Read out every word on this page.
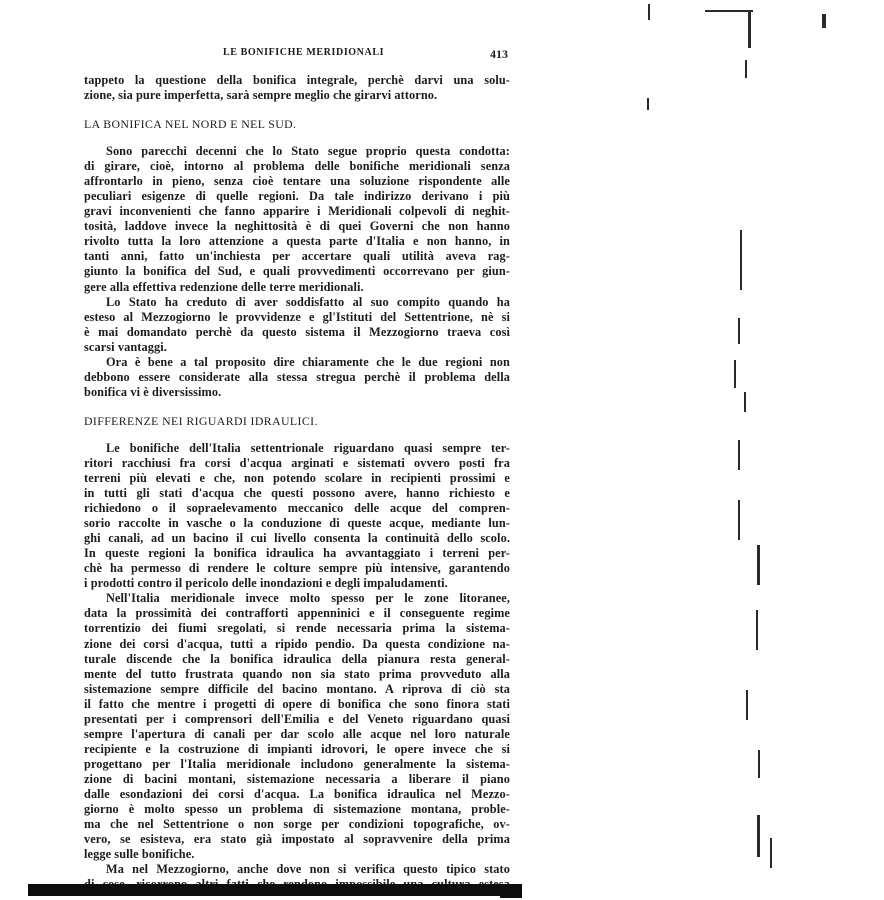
LE BONIFICHE MERIDIONALI	413
tappeto la questione della bonifica integrale, perchè darvi una solu-
zione, sia pure imperfetta, sarà sempre meglio che girarvi attorno.
LA BONIFICA NEL NORD E NEL SUD.
Sono parecchi decenni che lo Stato segue proprio questa condotta:
di girare, cioè, intorno al problema delle bonifiche meridionali senza
affrontarlo in pieno, senza cioè tentare una soluzione rispondente alle
peculiari esigenze di quelle regioni. Da tale indirizzo derivano i più
gravi inconvenienti che fanno apparire i Meridionali colpevoli di neghit-
tosità, laddove invece la neghittosità è di quei Governi che non hanno
rivolto tutta la loro attenzione a questa parte d'Italia e non hanno, in
tanti anni, fatto un'inchiesta per accertare quali utilità aveva rag-
giunto la bonifica del Sud, e quali provvedimenti occorrevano per giun-
gere alla effettiva redenzione delle terre meridionali.
Lo Stato ha creduto di aver soddisfatto al suo compito quando ha
esteso al Mezzogiorno le provvidenze e gl'Istituti del Settentrione, nè si
è mai domandato perchè da questo sistema il Mezzogiorno traeva così
scarsi vantaggi.
Ora è bene a tal proposito dire chiaramente che le due regioni non
debbono essere considerate alla stessa stregua perchè il problema della
bonifica vi è diversissimo.
DIFFERENZE NEI RIGUARDI IDRAULICI.
Le bonifiche dell'Italia settentrionale riguardano quasi sempre ter-
ritori racchiusi fra corsi d'acqua arginati e sistemati ovvero posti fra
terreni più elevati e che, non potendo scolare in recipienti prossimi e
in tutti gli stati d'acqua che questi possono avere, hanno richiesto e
richiedono o il sopraelevamento meccanico delle acque del compren-
sorio raccolte in vasche o la conduzione di queste acque, mediante lun-
ghi canali, ad un bacino il cui livello consenta la continuità dello scolo.
In queste regioni la bonifica idraulica ha avvantaggiato i terreni per-
chè ha permesso di rendere le colture sempre più intensive, garantendo
i prodotti contro il pericolo delle inondazioni e degli impaludamenti.
Nell'Italia meridionale invece molto spesso per le zone litoranee,
data la prossimità dei contrafforti appenninici e il conseguente regime
torrentizio dei fiumi sregolati, si rende necessaria prima la sistema-
zione dei corsi d'acqua, tutti a ripido pendio. Da questa condizione na-
turale discende che la bonifica idraulica della pianura resta general-
mente del tutto frustrata quando non sia stato prima provveduto alla
sistemazione sempre difficile del bacino montano. A riprova di ciò sta
il fatto che mentre i progetti di opere di bonifica che sono finora stati
presentati per i comprensori dell'Emilia e del Veneto riguardano quasi
sempre l'apertura di canali per dar scolo alle acque nel loro naturale
recipiente e la costruzione di impianti idrovori, le opere invece che si
progettano per l'Italia meridionale includono generalmente la sistema-
zione di bacini montani, sistemazione necessaria a liberare il piano
dalle esondazioni dei corsi d'acqua. La bonifica idraulica nel Mezzo-
giorno è molto spesso un problema di sistemazione montana, proble-
ma che nel Settentrione o non sorge per condizioni topografiche, ov-
vero, se esisteva, era stato già impostato al sopravvenire della prima
legge sulle bonifiche.
Ma nel Mezzogiorno, anche dove non si verifica questo tipico stato
